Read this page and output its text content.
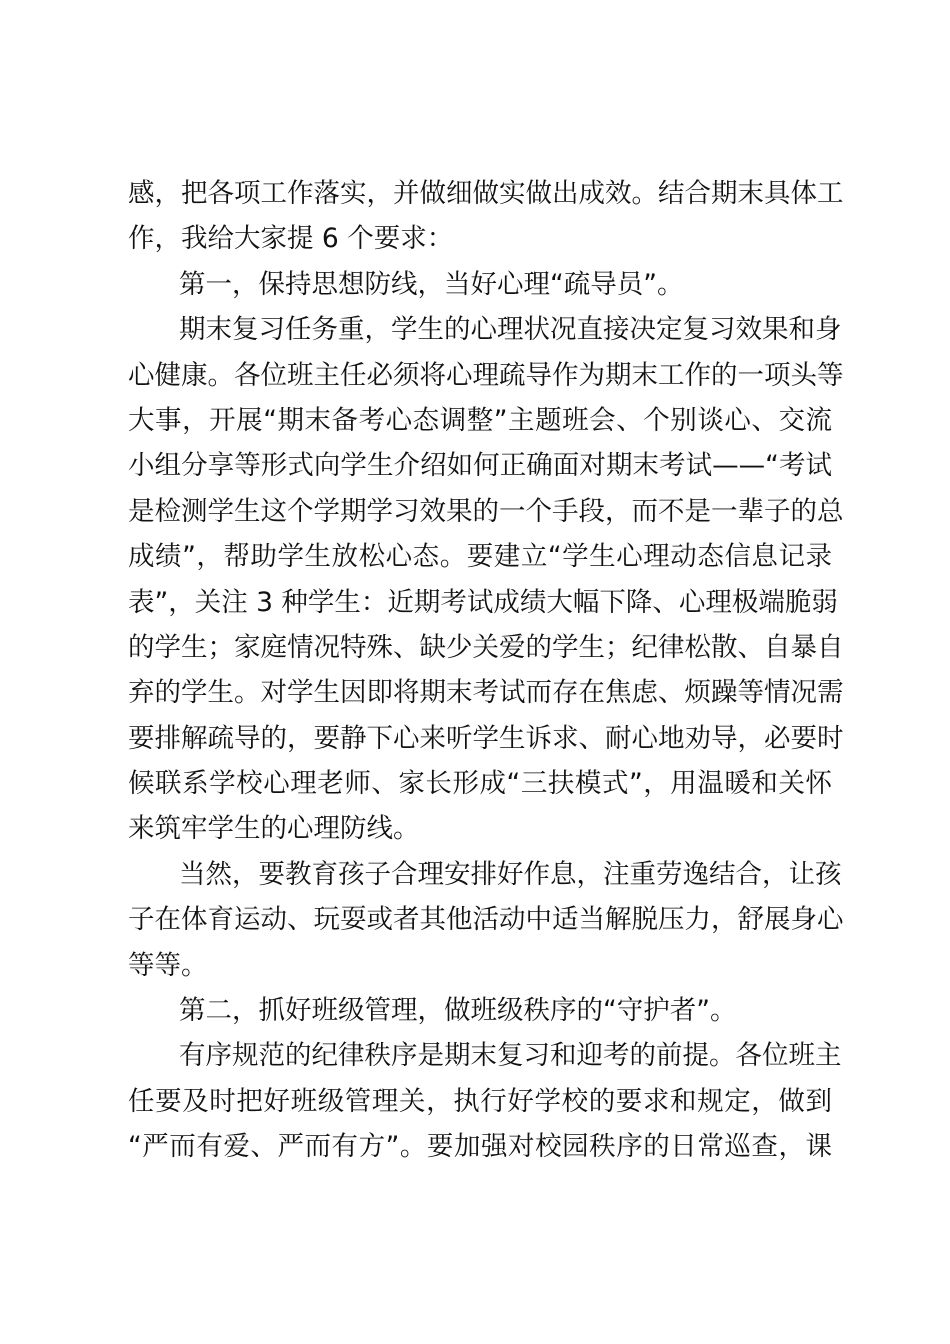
感，把各项工作落实，并做细做实做出成效。结合期末具体工
作，我给大家提 6 个要求：
第一，保持思想防线，当好心理“疏导员”。
期末复习任务重，学生的心理状况直接决定复习效果和身
心健康。各位班主任必须将心理疏导作为期末工作的一项头等
大事，开展“期末备考心态调整”主题班会、个别谈心、交流
小组分享等形式向学生介绍如何正确面对期末考试——“考试
是检测学生这个学期学习效果的一个手段，而不是一辈子的总
成绩”，帮助学生放松心态。要建立“学生心理动态信息记录
表”，关注 3 种学生：近期考试成绩大幅下降、心理极端脆弱
的学生；家庭情况特殊、缺少关爱的学生；纪律松散、自暴自
弃的学生。对学生因即将期末考试而存在焦虑、烦躁等情况需
要排解疏导的，要静下心来听学生诉求、耐心地劝导，必要时
候联系学校心理老师、家长形成“三扶模式”，用温暖和关怀
来筑牢学生的心理防线。
当然，要教育孩子合理安排好作息，注重劳逸结合，让孩
子在体育运动、玩耍或者其他活动中适当解脱压力，舒展身心
等等。
第二，抓好班级管理，做班级秩序的“守护者”。
有序规范的纪律秩序是期末复习和迎考的前提。各位班主
任要及时把好班级管理关，执行好学校的要求和规定，做到
“严而有爱、严而有方”。要加强对校园秩序的日常巡查，课
